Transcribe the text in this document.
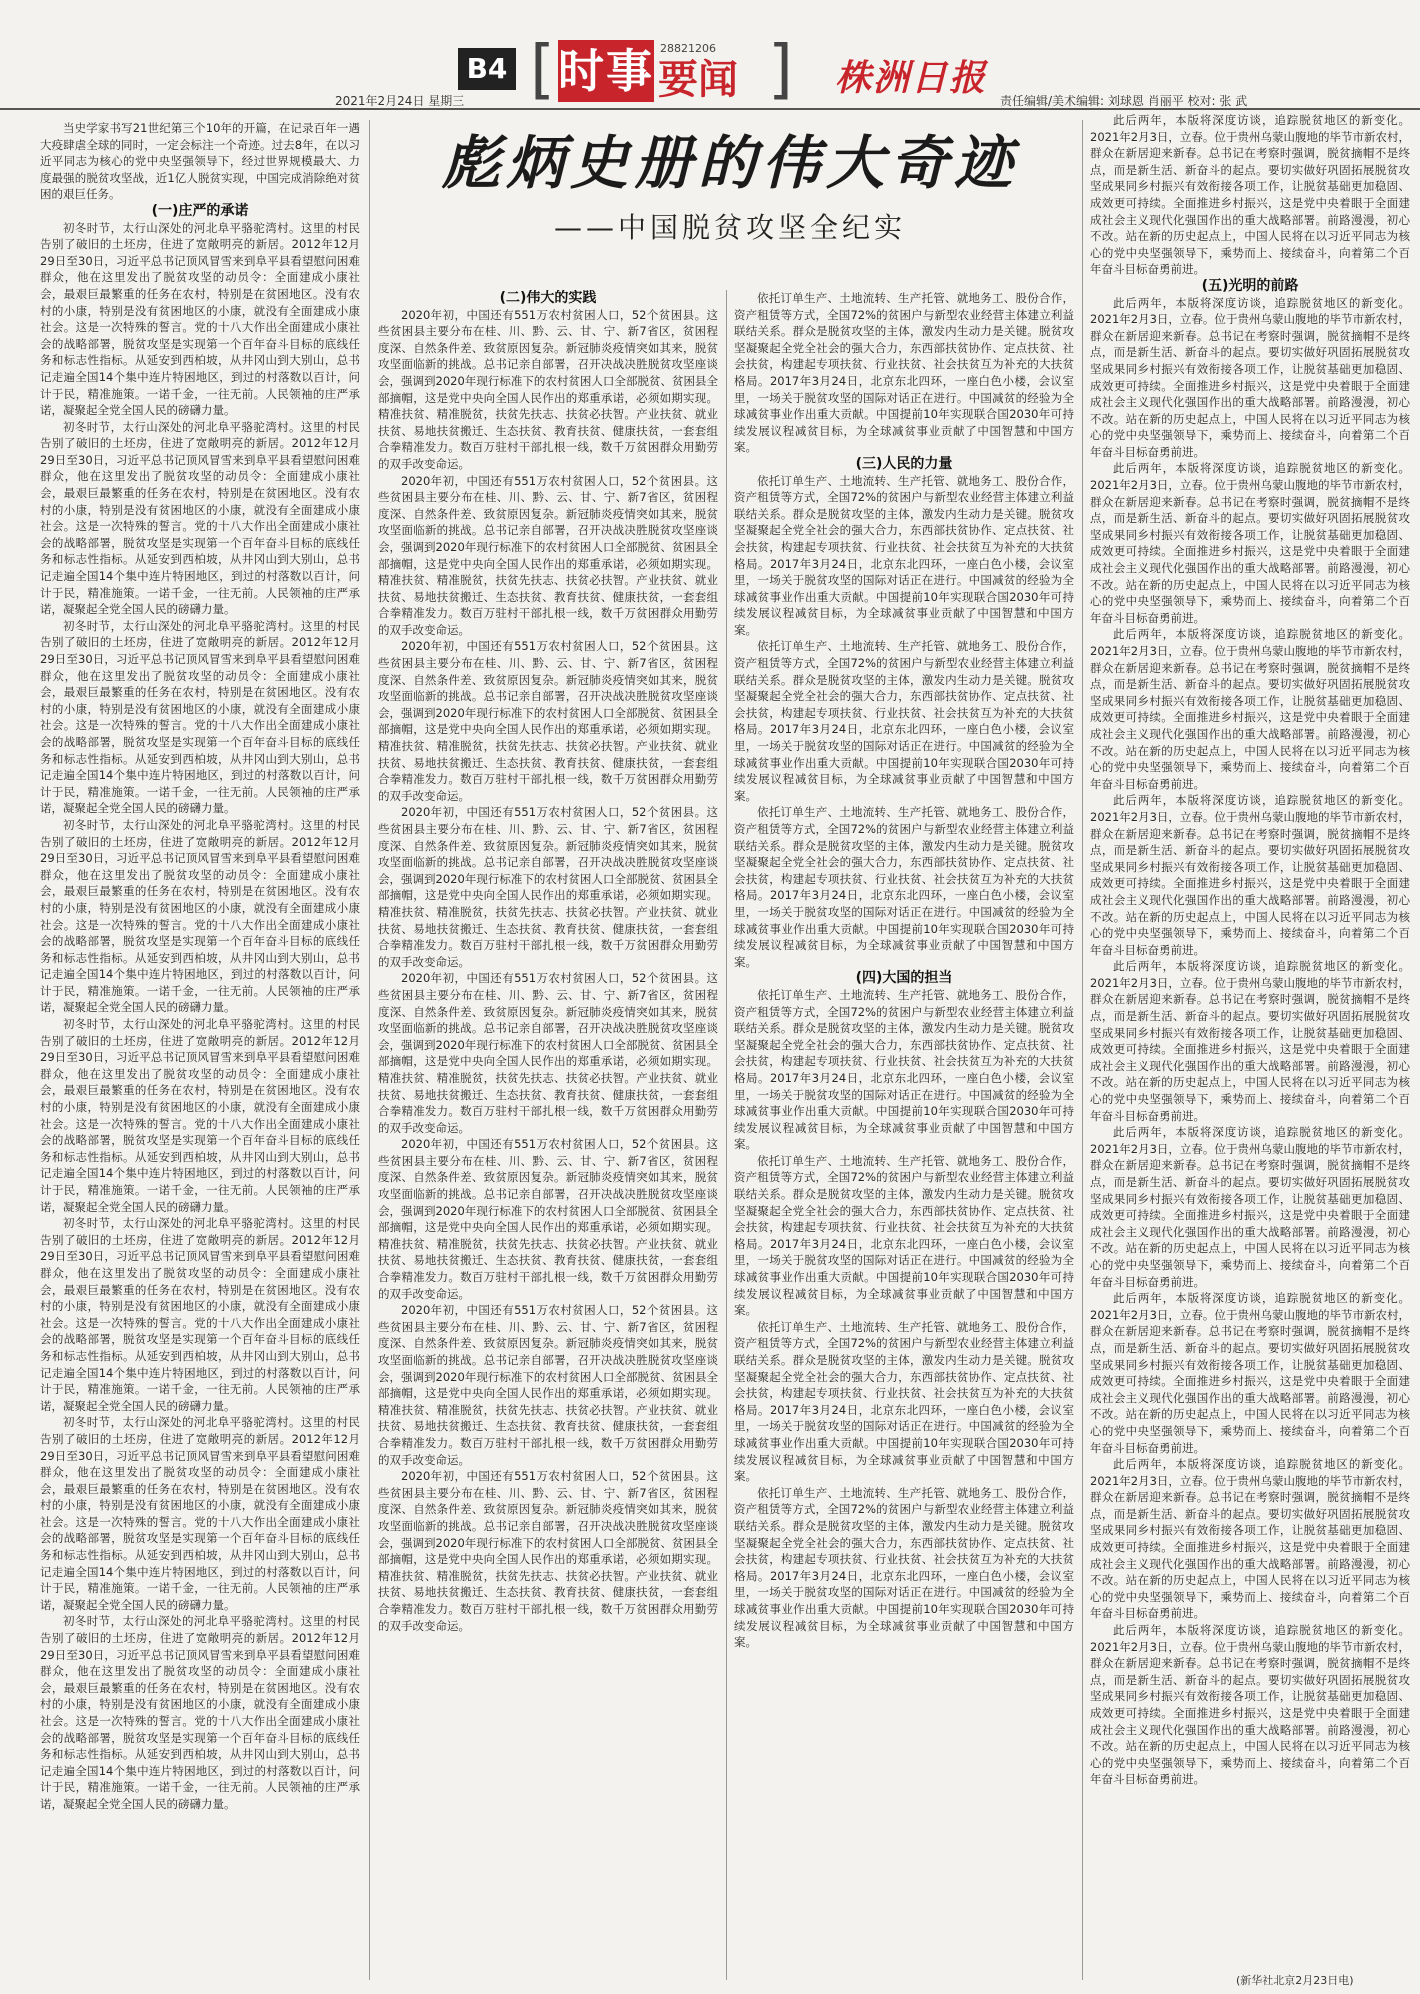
B4 [ 时事 28821206
要闻 ] 株洲日报
2021年2月24日 星期三	责任编辑/美术编辑: 刘球恩 肖丽平 校对: 张 武
彪炳史册的伟大奇迹
——中国脱贫攻坚全纪实

当史学家书写21世纪第三个10年的开篇，在记录百年一遇大疫肆虐全球的同时，一定会标注一个奇迹。过去8年，在以习近平同志为核心的党中央坚强领导下，经过世界规模最大、力度最强的脱贫攻坚战，近1亿人脱贫实现，中国完成消除绝对贫困的艰巨任务。

(一)庄严的承诺

初冬时节，太行山深处的河北阜平骆驼湾村。这里的村民告别了破旧的土坯房，住进了宽敞明亮的新居。2012年12月29日至30日，习近平总书记顶风冒雪来到阜平县看望慰问困难群众，他在这里发出了脱贫攻坚的动员令：全面建成小康社会，最艰巨最繁重的任务在农村，特别是在贫困地区。没有农村的小康，特别是没有贫困地区的小康，就没有全面建成小康社会。这是一次特殊的誓言。党的十八大作出全面建成小康社会的战略部署，脱贫攻坚是实现第一个百年奋斗目标的底线任务和标志性指标。从延安到西柏坡，从井冈山到大别山，总书记走遍全国14个集中连片特困地区，到过的村落数以百计，问计于民，精准施策。一诺千金，一往无前。人民领袖的庄严承诺，凝聚起全党全国人民的磅礴力量。

初冬时节，太行山深处的河北阜平骆驼湾村。这里的村民告别了破旧的土坯房，住进了宽敞明亮的新居。2012年12月29日至30日，习近平总书记顶风冒雪来到阜平县看望慰问困难群众，他在这里发出了脱贫攻坚的动员令：全面建成小康社会，最艰巨最繁重的任务在农村，特别是在贫困地区。没有农村的小康，特别是没有贫困地区的小康，就没有全面建成小康社会。这是一次特殊的誓言。党的十八大作出全面建成小康社会的战略部署，脱贫攻坚是实现第一个百年奋斗目标的底线任务和标志性指标。从延安到西柏坡，从井冈山到大别山，总书记走遍全国14个集中连片特困地区，到过的村落数以百计，问计于民，精准施策。一诺千金，一往无前。人民领袖的庄严承诺，凝聚起全党全国人民的磅礴力量。

初冬时节，太行山深处的河北阜平骆驼湾村。这里的村民告别了破旧的土坯房，住进了宽敞明亮的新居。2012年12月29日至30日，习近平总书记顶风冒雪来到阜平县看望慰问困难群众，他在这里发出了脱贫攻坚的动员令：全面建成小康社会，最艰巨最繁重的任务在农村，特别是在贫困地区。没有农村的小康，特别是没有贫困地区的小康，就没有全面建成小康社会。这是一次特殊的誓言。党的十八大作出全面建成小康社会的战略部署，脱贫攻坚是实现第一个百年奋斗目标的底线任务和标志性指标。从延安到西柏坡，从井冈山到大别山，总书记走遍全国14个集中连片特困地区，到过的村落数以百计，问计于民，精准施策。一诺千金，一往无前。人民领袖的庄严承诺，凝聚起全党全国人民的磅礴力量。

初冬时节，太行山深处的河北阜平骆驼湾村。这里的村民告别了破旧的土坯房，住进了宽敞明亮的新居。2012年12月29日至30日，习近平总书记顶风冒雪来到阜平县看望慰问困难群众，他在这里发出了脱贫攻坚的动员令：全面建成小康社会，最艰巨最繁重的任务在农村，特别是在贫困地区。没有农村的小康，特别是没有贫困地区的小康，就没有全面建成小康社会。这是一次特殊的誓言。党的十八大作出全面建成小康社会的战略部署，脱贫攻坚是实现第一个百年奋斗目标的底线任务和标志性指标。从延安到西柏坡，从井冈山到大别山，总书记走遍全国14个集中连片特困地区，到过的村落数以百计，问计于民，精准施策。一诺千金，一往无前。人民领袖的庄严承诺，凝聚起全党全国人民的磅礴力量。

初冬时节，太行山深处的河北阜平骆驼湾村。这里的村民告别了破旧的土坯房，住进了宽敞明亮的新居。2012年12月29日至30日，习近平总书记顶风冒雪来到阜平县看望慰问困难群众，他在这里发出了脱贫攻坚的动员令：全面建成小康社会，最艰巨最繁重的任务在农村，特别是在贫困地区。没有农村的小康，特别是没有贫困地区的小康，就没有全面建成小康社会。这是一次特殊的誓言。党的十八大作出全面建成小康社会的战略部署，脱贫攻坚是实现第一个百年奋斗目标的底线任务和标志性指标。从延安到西柏坡，从井冈山到大别山，总书记走遍全国14个集中连片特困地区，到过的村落数以百计，问计于民，精准施策。一诺千金，一往无前。人民领袖的庄严承诺，凝聚起全党全国人民的磅礴力量。

初冬时节，太行山深处的河北阜平骆驼湾村。这里的村民告别了破旧的土坯房，住进了宽敞明亮的新居。2012年12月29日至30日，习近平总书记顶风冒雪来到阜平县看望慰问困难群众，他在这里发出了脱贫攻坚的动员令：全面建成小康社会，最艰巨最繁重的任务在农村，特别是在贫困地区。没有农村的小康，特别是没有贫困地区的小康，就没有全面建成小康社会。这是一次特殊的誓言。党的十八大作出全面建成小康社会的战略部署，脱贫攻坚是实现第一个百年奋斗目标的底线任务和标志性指标。从延安到西柏坡，从井冈山到大别山，总书记走遍全国14个集中连片特困地区，到过的村落数以百计，问计于民，精准施策。一诺千金，一往无前。人民领袖的庄严承诺，凝聚起全党全国人民的磅礴力量。

初冬时节，太行山深处的河北阜平骆驼湾村。这里的村民告别了破旧的土坯房，住进了宽敞明亮的新居。2012年12月29日至30日，习近平总书记顶风冒雪来到阜平县看望慰问困难群众，他在这里发出了脱贫攻坚的动员令：全面建成小康社会，最艰巨最繁重的任务在农村，特别是在贫困地区。没有农村的小康，特别是没有贫困地区的小康，就没有全面建成小康社会。这是一次特殊的誓言。党的十八大作出全面建成小康社会的战略部署，脱贫攻坚是实现第一个百年奋斗目标的底线任务和标志性指标。从延安到西柏坡，从井冈山到大别山，总书记走遍全国14个集中连片特困地区，到过的村落数以百计，问计于民，精准施策。一诺千金，一往无前。人民领袖的庄严承诺，凝聚起全党全国人民的磅礴力量。

初冬时节，太行山深处的河北阜平骆驼湾村。这里的村民告别了破旧的土坯房，住进了宽敞明亮的新居。2012年12月29日至30日，习近平总书记顶风冒雪来到阜平县看望慰问困难群众，他在这里发出了脱贫攻坚的动员令：全面建成小康社会，最艰巨最繁重的任务在农村，特别是在贫困地区。没有农村的小康，特别是没有贫困地区的小康，就没有全面建成小康社会。这是一次特殊的誓言。党的十八大作出全面建成小康社会的战略部署，脱贫攻坚是实现第一个百年奋斗目标的底线任务和标志性指标。从延安到西柏坡，从井冈山到大别山，总书记走遍全国14个集中连片特困地区，到过的村落数以百计，问计于民，精准施策。一诺千金，一往无前。人民领袖的庄严承诺，凝聚起全党全国人民的磅礴力量。

(二)伟大的实践

2020年初，中国还有551万农村贫困人口，52个贫困县。这些贫困县主要分布在桂、川、黔、云、甘、宁、新7省区，贫困程度深、自然条件差、致贫原因复杂。新冠肺炎疫情突如其来，脱贫攻坚面临新的挑战。总书记亲自部署，召开决战决胜脱贫攻坚座谈会，强调到2020年现行标准下的农村贫困人口全部脱贫、贫困县全部摘帽，这是党中央向全国人民作出的郑重承诺，必须如期实现。精准扶贫、精准脱贫，扶贫先扶志、扶贫必扶智。产业扶贫、就业扶贫、易地扶贫搬迁、生态扶贫、教育扶贫、健康扶贫，一套套组合拳精准发力。数百万驻村干部扎根一线，数千万贫困群众用勤劳的双手改变命运。

2020年初，中国还有551万农村贫困人口，52个贫困县。这些贫困县主要分布在桂、川、黔、云、甘、宁、新7省区，贫困程度深、自然条件差、致贫原因复杂。新冠肺炎疫情突如其来，脱贫攻坚面临新的挑战。总书记亲自部署，召开决战决胜脱贫攻坚座谈会，强调到2020年现行标准下的农村贫困人口全部脱贫、贫困县全部摘帽，这是党中央向全国人民作出的郑重承诺，必须如期实现。精准扶贫、精准脱贫，扶贫先扶志、扶贫必扶智。产业扶贫、就业扶贫、易地扶贫搬迁、生态扶贫、教育扶贫、健康扶贫，一套套组合拳精准发力。数百万驻村干部扎根一线，数千万贫困群众用勤劳的双手改变命运。

2020年初，中国还有551万农村贫困人口，52个贫困县。这些贫困县主要分布在桂、川、黔、云、甘、宁、新7省区，贫困程度深、自然条件差、致贫原因复杂。新冠肺炎疫情突如其来，脱贫攻坚面临新的挑战。总书记亲自部署，召开决战决胜脱贫攻坚座谈会，强调到2020年现行标准下的农村贫困人口全部脱贫、贫困县全部摘帽，这是党中央向全国人民作出的郑重承诺，必须如期实现。精准扶贫、精准脱贫，扶贫先扶志、扶贫必扶智。产业扶贫、就业扶贫、易地扶贫搬迁、生态扶贫、教育扶贫、健康扶贫，一套套组合拳精准发力。数百万驻村干部扎根一线，数千万贫困群众用勤劳的双手改变命运。

2020年初，中国还有551万农村贫困人口，52个贫困县。这些贫困县主要分布在桂、川、黔、云、甘、宁、新7省区，贫困程度深、自然条件差、致贫原因复杂。新冠肺炎疫情突如其来，脱贫攻坚面临新的挑战。总书记亲自部署，召开决战决胜脱贫攻坚座谈会，强调到2020年现行标准下的农村贫困人口全部脱贫、贫困县全部摘帽，这是党中央向全国人民作出的郑重承诺，必须如期实现。精准扶贫、精准脱贫，扶贫先扶志、扶贫必扶智。产业扶贫、就业扶贫、易地扶贫搬迁、生态扶贫、教育扶贫、健康扶贫，一套套组合拳精准发力。数百万驻村干部扎根一线，数千万贫困群众用勤劳的双手改变命运。

2020年初，中国还有551万农村贫困人口，52个贫困县。这些贫困县主要分布在桂、川、黔、云、甘、宁、新7省区，贫困程度深、自然条件差、致贫原因复杂。新冠肺炎疫情突如其来，脱贫攻坚面临新的挑战。总书记亲自部署，召开决战决胜脱贫攻坚座谈会，强调到2020年现行标准下的农村贫困人口全部脱贫、贫困县全部摘帽，这是党中央向全国人民作出的郑重承诺，必须如期实现。精准扶贫、精准脱贫，扶贫先扶志、扶贫必扶智。产业扶贫、就业扶贫、易地扶贫搬迁、生态扶贫、教育扶贫、健康扶贫，一套套组合拳精准发力。数百万驻村干部扎根一线，数千万贫困群众用勤劳的双手改变命运。

2020年初，中国还有551万农村贫困人口，52个贫困县。这些贫困县主要分布在桂、川、黔、云、甘、宁、新7省区，贫困程度深、自然条件差、致贫原因复杂。新冠肺炎疫情突如其来，脱贫攻坚面临新的挑战。总书记亲自部署，召开决战决胜脱贫攻坚座谈会，强调到2020年现行标准下的农村贫困人口全部脱贫、贫困县全部摘帽，这是党中央向全国人民作出的郑重承诺，必须如期实现。精准扶贫、精准脱贫，扶贫先扶志、扶贫必扶智。产业扶贫、就业扶贫、易地扶贫搬迁、生态扶贫、教育扶贫、健康扶贫，一套套组合拳精准发力。数百万驻村干部扎根一线，数千万贫困群众用勤劳的双手改变命运。

2020年初，中国还有551万农村贫困人口，52个贫困县。这些贫困县主要分布在桂、川、黔、云、甘、宁、新7省区，贫困程度深、自然条件差、致贫原因复杂。新冠肺炎疫情突如其来，脱贫攻坚面临新的挑战。总书记亲自部署，召开决战决胜脱贫攻坚座谈会，强调到2020年现行标准下的农村贫困人口全部脱贫、贫困县全部摘帽，这是党中央向全国人民作出的郑重承诺，必须如期实现。精准扶贫、精准脱贫，扶贫先扶志、扶贫必扶智。产业扶贫、就业扶贫、易地扶贫搬迁、生态扶贫、教育扶贫、健康扶贫，一套套组合拳精准发力。数百万驻村干部扎根一线，数千万贫困群众用勤劳的双手改变命运。

2020年初，中国还有551万农村贫困人口，52个贫困县。这些贫困县主要分布在桂、川、黔、云、甘、宁、新7省区，贫困程度深、自然条件差、致贫原因复杂。新冠肺炎疫情突如其来，脱贫攻坚面临新的挑战。总书记亲自部署，召开决战决胜脱贫攻坚座谈会，强调到2020年现行标准下的农村贫困人口全部脱贫、贫困县全部摘帽，这是党中央向全国人民作出的郑重承诺，必须如期实现。精准扶贫、精准脱贫，扶贫先扶志、扶贫必扶智。产业扶贫、就业扶贫、易地扶贫搬迁、生态扶贫、教育扶贫、健康扶贫，一套套组合拳精准发力。数百万驻村干部扎根一线，数千万贫困群众用勤劳的双手改变命运。

依托订单生产、土地流转、生产托管、就地务工、股份合作，资产租赁等方式，全国72%的贫困户与新型农业经营主体建立利益联结关系。群众是脱贫攻坚的主体，激发内生动力是关键。脱贫攻坚凝聚起全党全社会的强大合力，东西部扶贫协作、定点扶贫、社会扶贫，构建起专项扶贫、行业扶贫、社会扶贫互为补充的大扶贫格局。2017年3月24日，北京东北四环，一座白色小楼，会议室里，一场关于脱贫攻坚的国际对话正在进行。中国减贫的经验为全球减贫事业作出重大贡献。中国提前10年实现联合国2030年可持续发展议程减贫目标，为全球减贫事业贡献了中国智慧和中国方案。

(三)人民的力量

依托订单生产、土地流转、生产托管、就地务工、股份合作，资产租赁等方式，全国72%的贫困户与新型农业经营主体建立利益联结关系。群众是脱贫攻坚的主体，激发内生动力是关键。脱贫攻坚凝聚起全党全社会的强大合力，东西部扶贫协作、定点扶贫、社会扶贫，构建起专项扶贫、行业扶贫、社会扶贫互为补充的大扶贫格局。2017年3月24日，北京东北四环，一座白色小楼，会议室里，一场关于脱贫攻坚的国际对话正在进行。中国减贫的经验为全球减贫事业作出重大贡献。中国提前10年实现联合国2030年可持续发展议程减贫目标，为全球减贫事业贡献了中国智慧和中国方案。

依托订单生产、土地流转、生产托管、就地务工、股份合作，资产租赁等方式，全国72%的贫困户与新型农业经营主体建立利益联结关系。群众是脱贫攻坚的主体，激发内生动力是关键。脱贫攻坚凝聚起全党全社会的强大合力，东西部扶贫协作、定点扶贫、社会扶贫，构建起专项扶贫、行业扶贫、社会扶贫互为补充的大扶贫格局。2017年3月24日，北京东北四环，一座白色小楼，会议室里，一场关于脱贫攻坚的国际对话正在进行。中国减贫的经验为全球减贫事业作出重大贡献。中国提前10年实现联合国2030年可持续发展议程减贫目标，为全球减贫事业贡献了中国智慧和中国方案。

依托订单生产、土地流转、生产托管、就地务工、股份合作，资产租赁等方式，全国72%的贫困户与新型农业经营主体建立利益联结关系。群众是脱贫攻坚的主体，激发内生动力是关键。脱贫攻坚凝聚起全党全社会的强大合力，东西部扶贫协作、定点扶贫、社会扶贫，构建起专项扶贫、行业扶贫、社会扶贫互为补充的大扶贫格局。2017年3月24日，北京东北四环，一座白色小楼，会议室里，一场关于脱贫攻坚的国际对话正在进行。中国减贫的经验为全球减贫事业作出重大贡献。中国提前10年实现联合国2030年可持续发展议程减贫目标，为全球减贫事业贡献了中国智慧和中国方案。

(四)大国的担当

依托订单生产、土地流转、生产托管、就地务工、股份合作，资产租赁等方式，全国72%的贫困户与新型农业经营主体建立利益联结关系。群众是脱贫攻坚的主体，激发内生动力是关键。脱贫攻坚凝聚起全党全社会的强大合力，东西部扶贫协作、定点扶贫、社会扶贫，构建起专项扶贫、行业扶贫、社会扶贫互为补充的大扶贫格局。2017年3月24日，北京东北四环，一座白色小楼，会议室里，一场关于脱贫攻坚的国际对话正在进行。中国减贫的经验为全球减贫事业作出重大贡献。中国提前10年实现联合国2030年可持续发展议程减贫目标，为全球减贫事业贡献了中国智慧和中国方案。

依托订单生产、土地流转、生产托管、就地务工、股份合作，资产租赁等方式，全国72%的贫困户与新型农业经营主体建立利益联结关系。群众是脱贫攻坚的主体，激发内生动力是关键。脱贫攻坚凝聚起全党全社会的强大合力，东西部扶贫协作、定点扶贫、社会扶贫，构建起专项扶贫、行业扶贫、社会扶贫互为补充的大扶贫格局。2017年3月24日，北京东北四环，一座白色小楼，会议室里，一场关于脱贫攻坚的国际对话正在进行。中国减贫的经验为全球减贫事业作出重大贡献。中国提前10年实现联合国2030年可持续发展议程减贫目标，为全球减贫事业贡献了中国智慧和中国方案。

依托订单生产、土地流转、生产托管、就地务工、股份合作，资产租赁等方式，全国72%的贫困户与新型农业经营主体建立利益联结关系。群众是脱贫攻坚的主体，激发内生动力是关键。脱贫攻坚凝聚起全党全社会的强大合力，东西部扶贫协作、定点扶贫、社会扶贫，构建起专项扶贫、行业扶贫、社会扶贫互为补充的大扶贫格局。2017年3月24日，北京东北四环，一座白色小楼，会议室里，一场关于脱贫攻坚的国际对话正在进行。中国减贫的经验为全球减贫事业作出重大贡献。中国提前10年实现联合国2030年可持续发展议程减贫目标，为全球减贫事业贡献了中国智慧和中国方案。

依托订单生产、土地流转、生产托管、就地务工、股份合作，资产租赁等方式，全国72%的贫困户与新型农业经营主体建立利益联结关系。群众是脱贫攻坚的主体，激发内生动力是关键。脱贫攻坚凝聚起全党全社会的强大合力，东西部扶贫协作、定点扶贫、社会扶贫，构建起专项扶贫、行业扶贫、社会扶贫互为补充的大扶贫格局。2017年3月24日，北京东北四环，一座白色小楼，会议室里，一场关于脱贫攻坚的国际对话正在进行。中国减贫的经验为全球减贫事业作出重大贡献。中国提前10年实现联合国2030年可持续发展议程减贫目标，为全球减贫事业贡献了中国智慧和中国方案。

此后两年，本版将深度访谈，追踪脱贫地区的新变化。2021年2月3日，立春。位于贵州乌蒙山腹地的毕节市新农村，群众在新居迎来新春。总书记在考察时强调，脱贫摘帽不是终点，而是新生活、新奋斗的起点。要切实做好巩固拓展脱贫攻坚成果同乡村振兴有效衔接各项工作，让脱贫基础更加稳固、成效更可持续。全面推进乡村振兴，这是党中央着眼于全面建成社会主义现代化强国作出的重大战略部署。前路漫漫，初心不改。站在新的历史起点上，中国人民将在以习近平同志为核心的党中央坚强领导下，乘势而上、接续奋斗，向着第二个百年奋斗目标奋勇前进。

(五)光明的前路

此后两年，本版将深度访谈，追踪脱贫地区的新变化。2021年2月3日，立春。位于贵州乌蒙山腹地的毕节市新农村，群众在新居迎来新春。总书记在考察时强调，脱贫摘帽不是终点，而是新生活、新奋斗的起点。要切实做好巩固拓展脱贫攻坚成果同乡村振兴有效衔接各项工作，让脱贫基础更加稳固、成效更可持续。全面推进乡村振兴，这是党中央着眼于全面建成社会主义现代化强国作出的重大战略部署。前路漫漫，初心不改。站在新的历史起点上，中国人民将在以习近平同志为核心的党中央坚强领导下，乘势而上、接续奋斗，向着第二个百年奋斗目标奋勇前进。

此后两年，本版将深度访谈，追踪脱贫地区的新变化。2021年2月3日，立春。位于贵州乌蒙山腹地的毕节市新农村，群众在新居迎来新春。总书记在考察时强调，脱贫摘帽不是终点，而是新生活、新奋斗的起点。要切实做好巩固拓展脱贫攻坚成果同乡村振兴有效衔接各项工作，让脱贫基础更加稳固、成效更可持续。全面推进乡村振兴，这是党中央着眼于全面建成社会主义现代化强国作出的重大战略部署。前路漫漫，初心不改。站在新的历史起点上，中国人民将在以习近平同志为核心的党中央坚强领导下，乘势而上、接续奋斗，向着第二个百年奋斗目标奋勇前进。

此后两年，本版将深度访谈，追踪脱贫地区的新变化。2021年2月3日，立春。位于贵州乌蒙山腹地的毕节市新农村，群众在新居迎来新春。总书记在考察时强调，脱贫摘帽不是终点，而是新生活、新奋斗的起点。要切实做好巩固拓展脱贫攻坚成果同乡村振兴有效衔接各项工作，让脱贫基础更加稳固、成效更可持续。全面推进乡村振兴，这是党中央着眼于全面建成社会主义现代化强国作出的重大战略部署。前路漫漫，初心不改。站在新的历史起点上，中国人民将在以习近平同志为核心的党中央坚强领导下，乘势而上、接续奋斗，向着第二个百年奋斗目标奋勇前进。

此后两年，本版将深度访谈，追踪脱贫地区的新变化。2021年2月3日，立春。位于贵州乌蒙山腹地的毕节市新农村，群众在新居迎来新春。总书记在考察时强调，脱贫摘帽不是终点，而是新生活、新奋斗的起点。要切实做好巩固拓展脱贫攻坚成果同乡村振兴有效衔接各项工作，让脱贫基础更加稳固、成效更可持续。全面推进乡村振兴，这是党中央着眼于全面建成社会主义现代化强国作出的重大战略部署。前路漫漫，初心不改。站在新的历史起点上，中国人民将在以习近平同志为核心的党中央坚强领导下，乘势而上、接续奋斗，向着第二个百年奋斗目标奋勇前进。

此后两年，本版将深度访谈，追踪脱贫地区的新变化。2021年2月3日，立春。位于贵州乌蒙山腹地的毕节市新农村，群众在新居迎来新春。总书记在考察时强调，脱贫摘帽不是终点，而是新生活、新奋斗的起点。要切实做好巩固拓展脱贫攻坚成果同乡村振兴有效衔接各项工作，让脱贫基础更加稳固、成效更可持续。全面推进乡村振兴，这是党中央着眼于全面建成社会主义现代化强国作出的重大战略部署。前路漫漫，初心不改。站在新的历史起点上，中国人民将在以习近平同志为核心的党中央坚强领导下，乘势而上、接续奋斗，向着第二个百年奋斗目标奋勇前进。

此后两年，本版将深度访谈，追踪脱贫地区的新变化。2021年2月3日，立春。位于贵州乌蒙山腹地的毕节市新农村，群众在新居迎来新春。总书记在考察时强调，脱贫摘帽不是终点，而是新生活、新奋斗的起点。要切实做好巩固拓展脱贫攻坚成果同乡村振兴有效衔接各项工作，让脱贫基础更加稳固、成效更可持续。全面推进乡村振兴，这是党中央着眼于全面建成社会主义现代化强国作出的重大战略部署。前路漫漫，初心不改。站在新的历史起点上，中国人民将在以习近平同志为核心的党中央坚强领导下，乘势而上、接续奋斗，向着第二个百年奋斗目标奋勇前进。

此后两年，本版将深度访谈，追踪脱贫地区的新变化。2021年2月3日，立春。位于贵州乌蒙山腹地的毕节市新农村，群众在新居迎来新春。总书记在考察时强调，脱贫摘帽不是终点，而是新生活、新奋斗的起点。要切实做好巩固拓展脱贫攻坚成果同乡村振兴有效衔接各项工作，让脱贫基础更加稳固、成效更可持续。全面推进乡村振兴，这是党中央着眼于全面建成社会主义现代化强国作出的重大战略部署。前路漫漫，初心不改。站在新的历史起点上，中国人民将在以习近平同志为核心的党中央坚强领导下，乘势而上、接续奋斗，向着第二个百年奋斗目标奋勇前进。

此后两年，本版将深度访谈，追踪脱贫地区的新变化。2021年2月3日，立春。位于贵州乌蒙山腹地的毕节市新农村，群众在新居迎来新春。总书记在考察时强调，脱贫摘帽不是终点，而是新生活、新奋斗的起点。要切实做好巩固拓展脱贫攻坚成果同乡村振兴有效衔接各项工作，让脱贫基础更加稳固、成效更可持续。全面推进乡村振兴，这是党中央着眼于全面建成社会主义现代化强国作出的重大战略部署。前路漫漫，初心不改。站在新的历史起点上，中国人民将在以习近平同志为核心的党中央坚强领导下，乘势而上、接续奋斗，向着第二个百年奋斗目标奋勇前进。

此后两年，本版将深度访谈，追踪脱贫地区的新变化。2021年2月3日，立春。位于贵州乌蒙山腹地的毕节市新农村，群众在新居迎来新春。总书记在考察时强调，脱贫摘帽不是终点，而是新生活、新奋斗的起点。要切实做好巩固拓展脱贫攻坚成果同乡村振兴有效衔接各项工作，让脱贫基础更加稳固、成效更可持续。全面推进乡村振兴，这是党中央着眼于全面建成社会主义现代化强国作出的重大战略部署。前路漫漫，初心不改。站在新的历史起点上，中国人民将在以习近平同志为核心的党中央坚强领导下，乘势而上、接续奋斗，向着第二个百年奋斗目标奋勇前进。

(新华社北京2月23日电)
